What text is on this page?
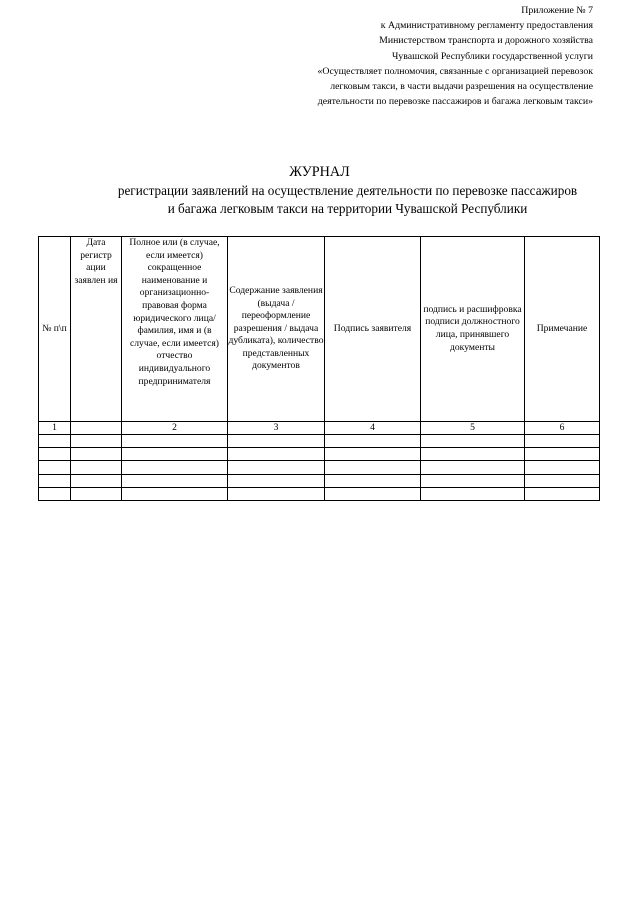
Приложение № 7
к Административному регламенту предоставления
Министерством транспорта и дорожного хозяйства
Чувашской Республики государственной услуги
«Осуществляет полномочия, связанные с организацией перевозок
легковым такси, в части выдачи разрешения на осуществление
деятельности по перевозке пассажиров и багажа легковым такси»
ЖУРНАЛ
регистрации заявлений на осуществление деятельности по перевозке пассажиров
и багажа легковым такси на территории Чувашской Республики
№ п\п	Дата регистр ации заявлен ия	Полное или (в случае, если имеется) сокращенное наименование и организационно-правовая форма юридического лица/фамилия, имя и (в случае, если имеется) отчество индивидуального предпринимателя	Содержание заявления (выдача / переоформление разрешения / выдача дубликата), количество представленных документов	Подпись заявителя	подпись и расшифровка подписи должностного лица, принявшего документы	Примечание
1		2	3	4	5	6
